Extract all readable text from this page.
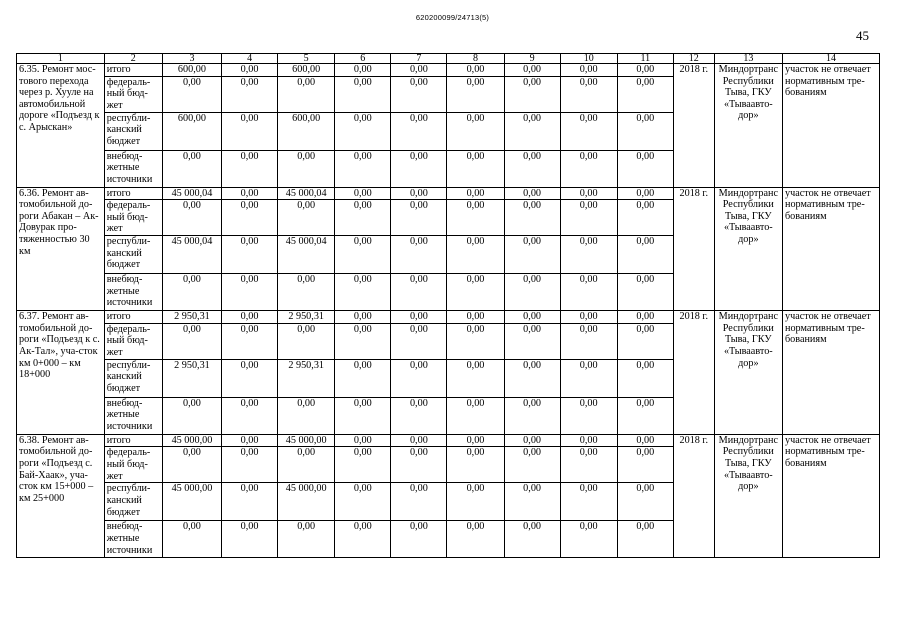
620200099/24713(5)
45
1	2	3	4	5	6	7	8	9	10	11	12	13	14
6.35. Ремонт мос-тового перехода через р. Хууле на автомобильной дороге «Подъезд к с. Арыскан»	итого	600,00	0,00	600,00	0,00	0,00	0,00	0,00	0,00	0,00	2018 г.	Миндортранс Республики Тыва, ГКУ «Тываавто-дор»	участок не отвечает нормативным тре-бованиям
	федераль-ный бюд-жет	0,00	0,00	0,00	0,00	0,00	0,00	0,00	0,00	0,00			
	республи-канский бюджет	600,00	0,00	600,00	0,00	0,00	0,00	0,00	0,00	0,00			
	внебюд-жетные источники	0,00	0,00	0,00	0,00	0,00	0,00	0,00	0,00	0,00			
6.36. Ремонт ав-томобильной до-роги Абакан – Ак-Довурак про-тяженностью 30 км	итого	45 000,04	0,00	45 000,04	0,00	0,00	0,00	0,00	0,00	0,00	2018 г.	Миндортранс Республики Тыва, ГКУ «Тываавто-дор»	участок не отвечает нормативным тре-бованиям
	федераль-ный бюд-жет	0,00	0,00	0,00	0,00	0,00	0,00	0,00	0,00	0,00			
	республи-канский бюджет	45 000,04	0,00	45 000,04	0,00	0,00	0,00	0,00	0,00	0,00			
	внебюд-жетные источники	0,00	0,00	0,00	0,00	0,00	0,00	0,00	0,00	0,00			
6.37. Ремонт ав-томобильной до-роги «Подъезд к с. Ак-Тал», уча-сток км 0+000 – км 18+000	итого	2 950,31	0,00	2 950,31	0,00	0,00	0,00	0,00	0,00	0,00	2018 г.	Миндортранс Республики Тыва, ГКУ «Тываавто-дор»	участок не отвечает нормативным тре-бованиям
	федераль-ный бюд-жет	0,00	0,00	0,00	0,00	0,00	0,00	0,00	0,00	0,00			
	республи-канский бюджет	2 950,31	0,00	2 950,31	0,00	0,00	0,00	0,00	0,00	0,00			
	внебюд-жетные источники	0,00	0,00	0,00	0,00	0,00	0,00	0,00	0,00	0,00			
6.38. Ремонт ав-томобильной до-роги «Подъезд с. Бай-Хаак», уча-сток км 15+000 – км 25+000	итого	45 000,00	0,00	45 000,00	0,00	0,00	0,00	0,00	0,00	0,00	2018 г.	Миндортранс Республики Тыва, ГКУ «Тываавто-дор»	участок не отвечает нормативным тре-бованиям
	федераль-ный бюд-жет	0,00	0,00	0,00	0,00	0,00	0,00	0,00	0,00	0,00			
	республи-канский бюджет	45 000,00	0,00	45 000,00	0,00	0,00	0,00	0,00	0,00	0,00			
	внебюд-жетные источники	0,00	0,00	0,00	0,00	0,00	0,00	0,00	0,00	0,00			
